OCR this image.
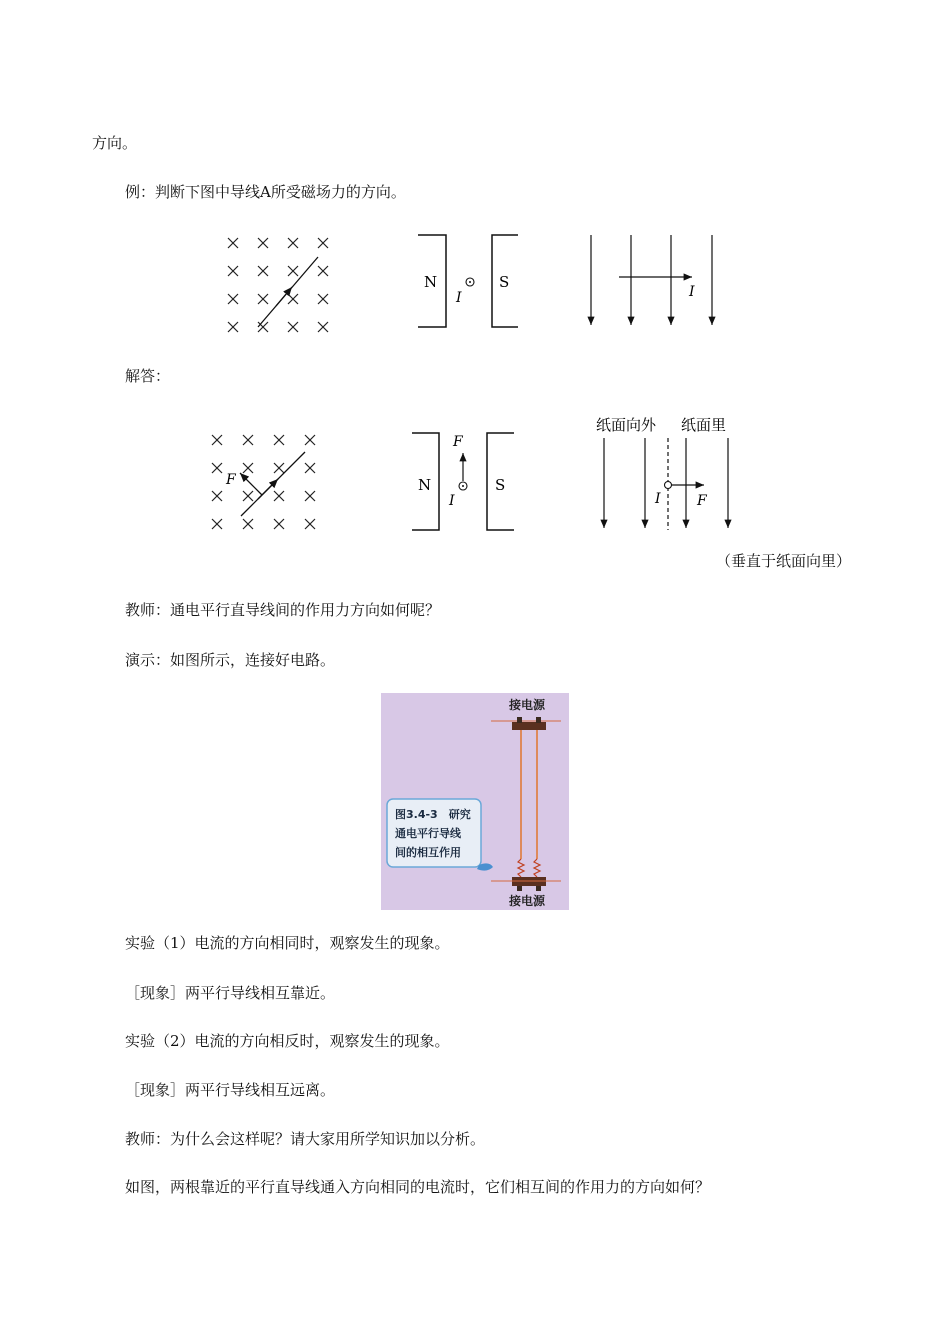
方向。
例：判断下图中导线A所受磁场力的方向。
N	S
I	I
解答：
F	N	S
F
I
纸面向外 纸面里
I	F
（垂直于纸面向里）
教师：通电平行直导线间的作用力方向如何呢？
演示：如图所示，连接好电路。
接电源
接电源
图3.4-3　研究
通电平行导线
间的相互作用
实验（1）电流的方向相同时，观察发生的现象。
［现象］两平行导线相互靠近。
实验（2）电流的方向相反时，观察发生的现象。
［现象］两平行导线相互远离。
教师：为什么会这样呢？请大家用所学知识加以分析。
如图，两根靠近的平行直导线通入方向相同的电流时，它们相互间的作用力的方向如何？
